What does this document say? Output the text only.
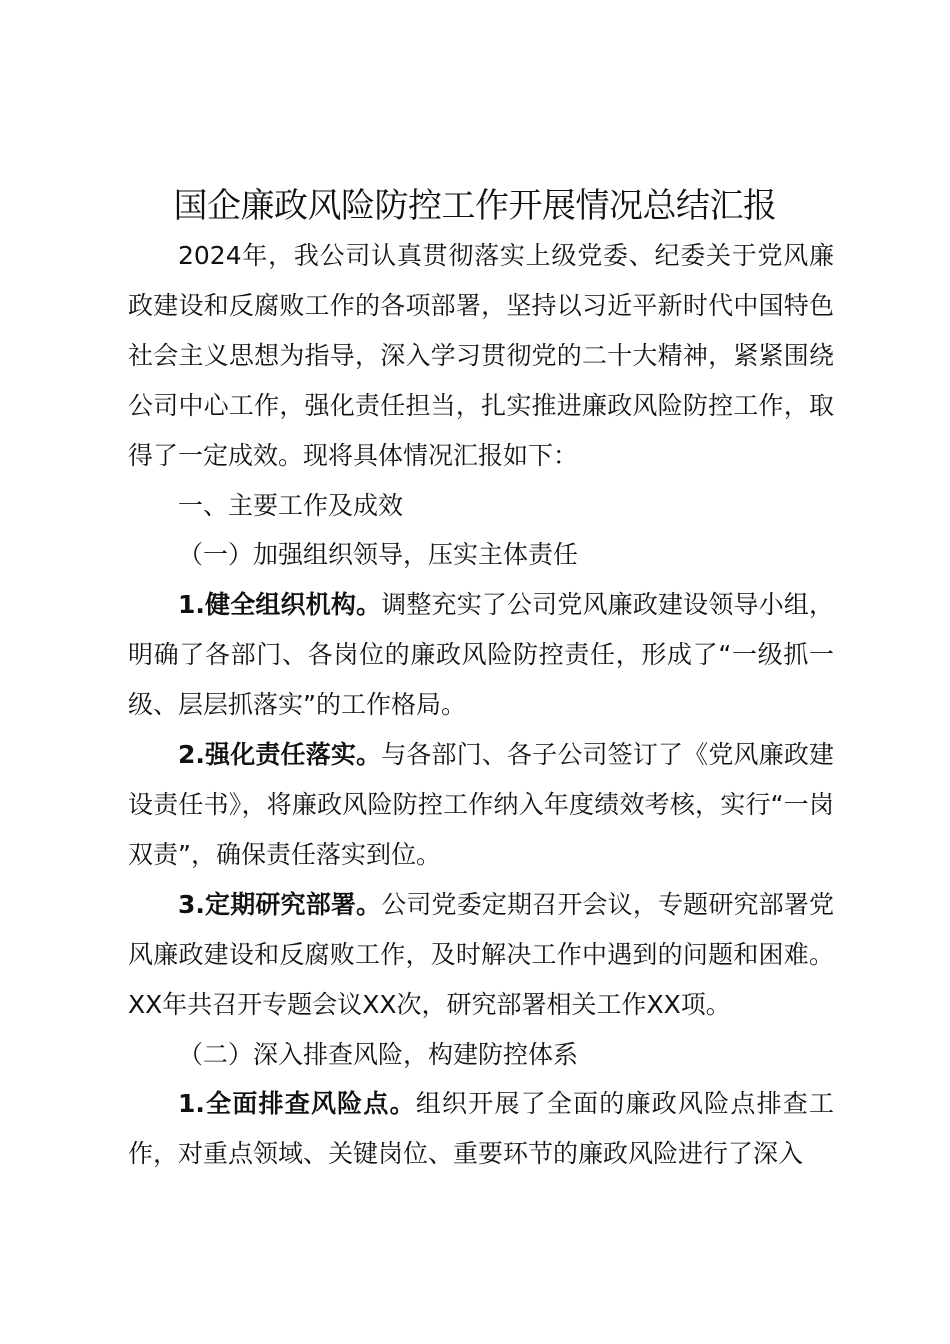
国企廉政风险防控工作开展情况总结汇报

2024年，我公司认真贯彻落实上级党委、纪委关于党风廉政建设和反腐败工作的各项部署，坚持以习近平新时代中国特色社会主义思想为指导，深入学习贯彻党的二十大精神，紧紧围绕公司中心工作，强化责任担当，扎实推进廉政风险防控工作，取得了一定成效。现将具体情况汇报如下：

一、主要工作及成效

（一）加强组织领导，压实主体责任

1.健全组织机构。调整充实了公司党风廉政建设领导小组，明确了各部门、各岗位的廉政风险防控责任，形成了“一级抓一级、层层抓落实”的工作格局。

2.强化责任落实。与各部门、各子公司签订了《党风廉政建设责任书》，将廉政风险防控工作纳入年度绩效考核，实行“一岗双责”，确保责任落实到位。

3.定期研究部署。公司党委定期召开会议，专题研究部署党风廉政建设和反腐败工作，及时解决工作中遇到的问题和困难。XX年共召开专题会议XX次，研究部署相关工作XX项。

（二）深入排查风险，构建防控体系

1.全面排查风险点。组织开展了全面的廉政风险点排查工作，对重点领域、关键岗位、重要环节的廉政风险进行了深入
